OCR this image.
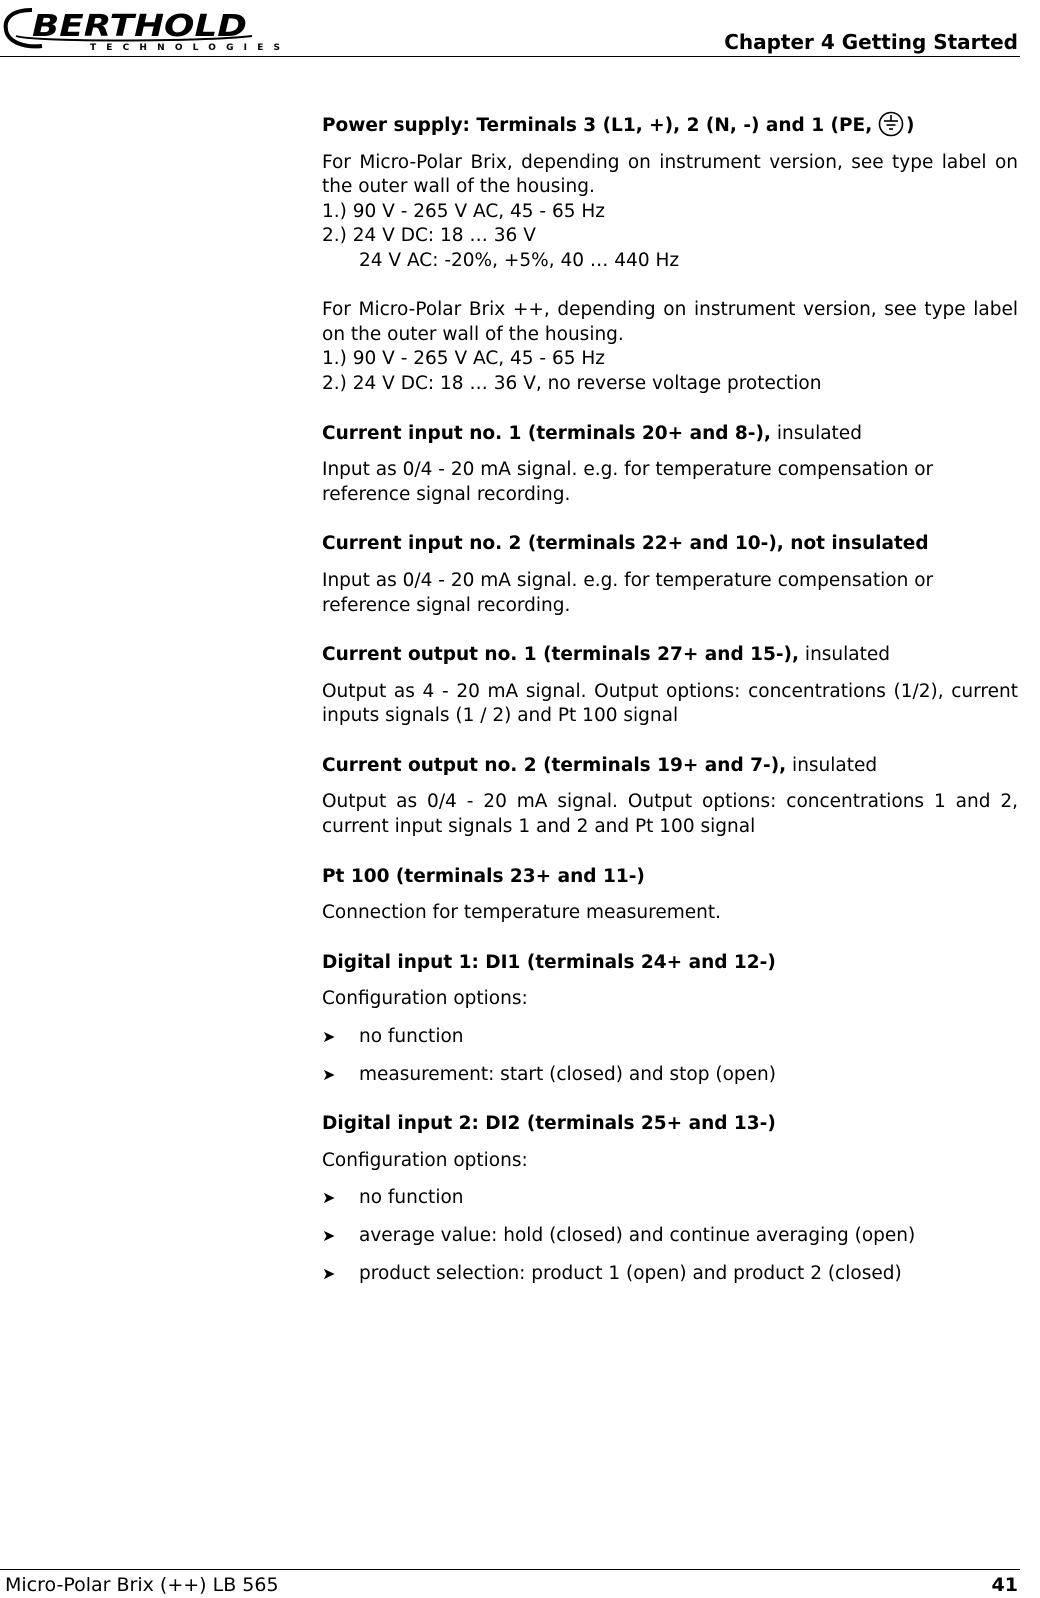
BERTHOLD
TECHNOLOGIES	Chapter 4 Getting Started

Power supply: Terminals 3 (L1, +), 2 (N, -) and 1 (PE,  )

For Micro-Polar Brix, depending on instrument version, see type label on the outer wall of the housing.

1.) 90 V - 265 V AC, 45 - 65 Hz

2.) 24 V DC: 18 … 36 V

24 V AC: -20%, +5%, 40 … 440 Hz

For Micro-Polar Brix ++, depending on instrument version, see type label on the outer wall of the housing.

1.) 90 V - 265 V AC, 45 - 65 Hz

2.) 24 V DC: 18 … 36 V, no reverse voltage protection

Current input no. 1 (terminals 20+ and 8-), insulated

Input as 0/4 - 20 mA signal. e.g. for temperature compensation or reference signal recording.

Current input no. 2 (terminals 22+ and 10-), not insulated

Input as 0/4 - 20 mA signal. e.g. for temperature compensation or reference signal recording.

Current output no. 1 (terminals 27+ and 15-), insulated

Output as 4 - 20 mA signal. Output options: concentrations (1/2), current inputs signals (1 / 2) and Pt 100 signal

Current output no. 2 (terminals 19+ and 7-), insulated

Output as 0/4 - 20 mA signal. Output options: concentrations 1 and 2, current input signals 1 and 2 and Pt 100 signal

Pt 100 (terminals 23+ and 11-)

Connection for temperature measurement.

Digital input 1: DI1 (terminals 24+ and 12-)

Configuration options:

➤	no function
➤	measurement: start (closed) and stop (open)

Digital input 2: DI2 (terminals 25+ and 13-)

Configuration options:

➤	no function
➤	average value: hold (closed) and continue averaging (open)
➤	product selection: product 1 (open) and product 2 (closed)
Micro-Polar Brix (++) LB 565	41
